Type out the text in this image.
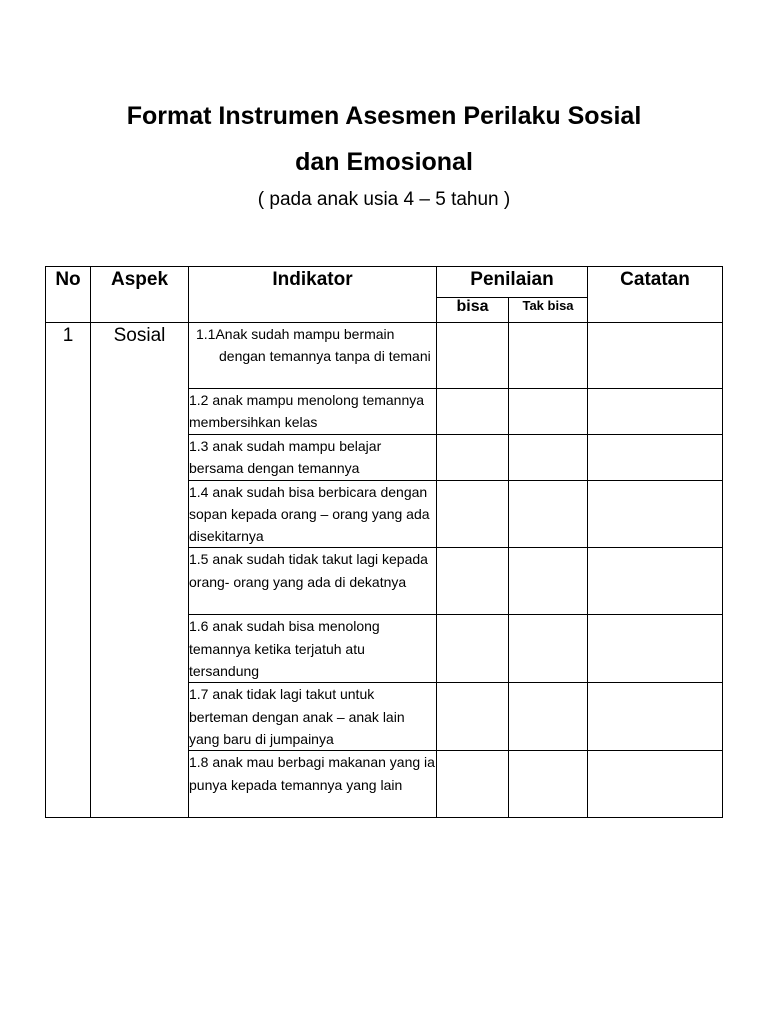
Format Instrumen Asesmen Perilaku Sosial
dan Emosional
( pada anak usia 4 – 5 tahun )
No	Aspek	Indikator	Penilaian		Catatan
			bisa	Tak bisa	
1	Sosial	1.1Anak sudah mampu bermain dengan temannya tanpa di temani			
		1.2 anak mampu menolong temannya membersihkan kelas			
		1.3 anak sudah mampu belajar bersama dengan temannya			
		1.4 anak sudah bisa berbicara dengan sopan kepada orang – orang yang ada disekitarnya			
		1.5 anak sudah tidak takut lagi kepada orang- orang yang ada di dekatnya			
		1.6 anak sudah bisa menolong temannya ketika terjatuh atu tersandung			
		1.7 anak tidak lagi takut untuk berteman dengan anak – anak lain yang baru di jumpainya			
		1.8 anak mau berbagi makanan yang ia punya kepada temannya yang lain			
